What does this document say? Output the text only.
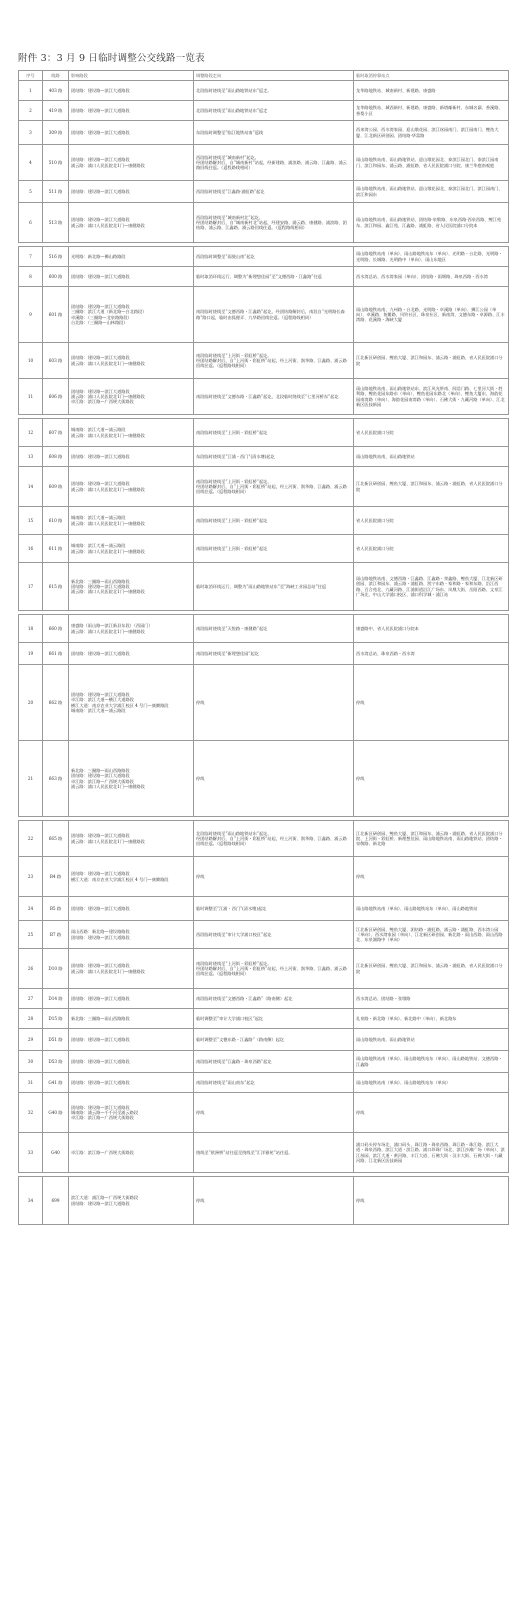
附件 3：3 月 9 日临时调整公交线路一览表
序号	线路	影响路段	调整路段走向	临时取消停靠站点
1	403 路	团结路：建设路—滨江大道路段	北段临时绕线至“雨山路地铁站东”返走。	龙华路地铁站、城南新村、新建路、康盛路
2	419 路	团结路：建设路—滨江大道路段	北段临时绕线至“雨山路地铁站东”返走	龙华路地铁站、城西新村、新建路、康盛路、新塔邮新村、东城名邸、香溪路、香梨小区
3	309 路	团结路：建设路—滨江大道路段	东段临时调整至“临江地铁站南”返线	西来湾公园、西水湾家园、迎山墩花园、滨江丝园南门、滨江园南门、鲤鱼大厦、江北新区研创园、团结路·华富路
4	510 路	团结路：建设路—滨江大道路段
浦云路：浦口人民医院北1门—康健路段	西段临时绕线至“城南新村”起讫。
经团结路解封后，自“城南新村”站起，经新建路、浦滨路、浦云路、江鑫路、浦云路回线往返。（返程路线相同）	雨山路地铁站南、雨山路地铁站、迎山墩花园北、泰滨江园北门、泰滨江园南门、滨江和园东、浦云路、浦虹路、省人民医院浦口分院、康兰华庭南观庭
5	511 路	团结路：建设路—滨江大道路段	西段临时绕线至“江鑫路·浦虹路”起讫	雨山路地铁站南、雨山路地铁站、迎山墩花园北、泰滨江园北门、滨江园南门、滨江和园东
6	513 路	团结路：建设路—滨江大道路段
浦云路：浦口人民医院北1门—康健路段	西段临时绕线至“城南新村北”起讫。
经团结路解封后，自“城南新村北”站起，经建安路、浦云路、康健路、浦滨路、团结路、浦云路、江鑫路、浦云路回线往返。（返程路线相同）	雨山路地铁站南、雨山路地铁站、团结路·泉敬路、东泉西路·西泉西路、鲤江苑东、滨江和园、鑫江苑、江鑫路、浦虹路、省人民医院浦口分院本

7	516 路	光明路：新北路—狮山路路段	西段临时调整至“雨骏山南”起讫	雨山路地铁站南（单向）、雨山路地铁站东（单向）、光明路・台北路、光明路・光明路、长城路、光明路中（单向）、雨山东地区
8	600 路	团结路：建设路—滨江大道路段	临时取消环线运行，调整为“新理想佳园”至“文德西路・江鑫路”往返	西水湾总站、西水湾家园（单向）、团结路・雨堰路、珠泉西路・西水湾
9	601 路	团结路：建设路—滨江大道路段
三圈路：滨江大道（新北路—白北路段）
卓溪路：（三圈路—北泉路路段）
台北路：（三圈路—山林路段）	南段临时绕线至“文德西路・江鑫路”起讫，经团结路解封后，南段自“光明路长森路”路口起，临时由狐狸弄、九华路回线往返。（返程路线相同）	雨山路地铁站南、九州路・台北路、光明路・卓溪路（单向）、狮江公园（单向）、卓溪路、鱼鳖路、风铃社区、珠泉社区、新南湾、文德东路・卓源路、江丰湾路、花溪路・海峡大厦
10	603 路	团结路：建设路—滨江大道路段
浦云路：浦口人民医院北1门—康健路段	南段临时绕线至“上河街・彩虹桥”起讫。
经团结路解封后，自“上河街・彩虹桥”站起，经上河街、润华路、江鑫路、浦云路回线往返。（返程路线相同）	江北新区研创园、鲤鱼大厦、滨江和园东、浦云路・浦虹路、省人民医院浦口分院
11	606 路	团结路：建设路—滨江大道路段
浦云路：浦口人民医院北1门—康健路段
卓江路：滨江路—广西埂大街路段	南段临时绕线至“文德东路・江鑫路”起讫，北段临时绕线至“七里河桥东”起讫	雨山路地铁站南、雨山路地铁站东、滨江风光带南、闻浩门路、七里河大街・胜利路、鲤鱼花园东路东（单向）、鲤鱼花园东路北（单向）、鲤鱼大厦东、海韵花园南湾路（单向）、海韵花园南湾路（单向）、石佛大街・九藏河路（单向）、江北新区医技新园

12	607 路	城南路：滨江大道—浦云路段
浦云路：浦口人民医院北1门—康健路段	南段临时绕线至“上河街・彩虹桥”起讫	省人民医院浦口分院
13	608 路	团结路：建设路—滨江大道路段	东段临时绕线至“江浦・西门”(清水塘)起讫	雨山路地铁站南、雨山路地铁站
14	609 路	团结路：建设路—滨江大道路段
浦云路：浦口人民医院北1门—康健路段	南段临时绕线至“上河街・彩虹桥”起讫。
经团结路解封后，自“上河街・彩虹桥”站起，经上河街、润华路、江鑫路、浦云路回线往返。（返程路线相同）	江北新区研创园、鲤鱼大厦、滨江和园东、浦云路・浦虹路、省人民医院浦口分院
15	610 路	城南路：滨江大道—浦云路段
浦云路：浦口人民医院北1门—康健路段	南段临时绕线至“上河街・彩虹桥”起讫	省人民医院浦口分院
16	611 路	城南路：滨江大道—浦云路段
浦云路：浦口人民医院北1门—康健路段	南段临时绕线至“上河街・彩虹桥”起讫	省人民医院浦口分院
17	615 路	新北路：三圈路—雨山西路路段
团结路：建设路—滨江大道路段
浦云路：浦口人民医院北1门—康健路段	临时取消环线运行，调整为“雨山路地铁站东”至“海峡工业园总站”往返	雨山路地铁站南、文德西路・江鑫路、江鑫路・荣鑫路、鲤鱼大厦、江北新区研创园、滨江和园东、浦云路・浦虹路、凯宁东路・家和路・家和东路、沿江西路、百合苑北、九藏河路、江浦街道沿江广场东、凤凰大街、岳阳西路、文泉江广场北、中山大学浦口校区、浦口科学城・浦江站

18	660 路	康盛路（雨山路—滨江新县东段）（西园门）
浦云路：浦口人民医院北1门—康健路段	南段临时绕线至“天悦路・康健路”起讫	康盛路中、省人民医院浦口分院本
19	661 路	团结路：建设路—滨江大道路段	南段临时绕线至“新理想佳园”起讫	西水湾总站、珠泉西路・西水湾
20	662 路	团结路：建设路—滨江大道路段
卓江路：滨江大道—横江大道路段
横江大道：南京农业大学浦江校区 4 号门—康腾路段
城南路：滨江大道—浦云路段	停线	停线
21	663 路	新北路：三圈路—雨山西路路段
团结路：建设路—滨江大道路段
卓江路：滨江路—广西埂大街路段
浦云路：浦口人民医院北1门—康健路段	停线	停线

22	665 路	团结路：建设路—滨江大道路段
浦云路：浦口人民医院北1门—康健路段	北段临时绕线至“雨山路地铁站东”起讫。
经团结路解封后，自“上河街・彩虹桥”站起，经上河街、润华路、江鑫路、浦云路回线往返。（返程路线相同）	江北新区研创园、鲤鱼大厦、滨江和园东、浦云路・浦虹路、省人民医院浦口分院、上河街・彩虹桥、新理想佳园、雨山路地铁站南、雨山路地铁站、团结路・泉敬路、新北路
23	B4 路	团结路：建设路—滨江大道路段
横江大道：南京农业大学浦江校区 4 号门—康腾路段	停线	停线
24	B5 路	团结路：建设路—滨江大道路段	临时调整至“江浦・西门”(清水塘)起讫	雨山路地铁站南（单向）、雨山路地铁站东（单向）、雨山路地铁站
25	B7 路	雨山西路：新北路—建设路路段
团结路：建设路—滨江大道路段	西段临时绕线至“审计大学浦口校区”起讫	江北新区研创园、鲤鱼大厦、团结路・浦虹路、浦云路・浦虹路、西水湾公园（单向）、西水湾家园（单向）、江北新区研创园、新北路・雨山西路、雨山西路北、东泉湖路中（单向）
26	D10 路	团结路：建设路—滨江大道路段
浦云路：浦口人民医院北1门—康健路段	南段临时绕线至“上河街・彩虹桥”起讫。
经团结路解封后，自“上河街・彩虹桥”站起，经上河街、润华路、江鑫路、浦云路回线往返。（返程路线相同）	江北新区研创园、鲤鱼大厦、滨江和园东、浦云路・浦虹路、省人民医院浦口分院
27	D14 路	团结路：建设路—滨江大道路段	南段临时绕线至“文德西路・江鑫路”（路南侧）起讫	西水湾总站、团结路・张墩路
28	D15 路	新北路：三圈路—雨山西路路段	临时调整至“审计大学浦口校区”起讫	礼泉路・新北路（单向）、新北路中（单向）、新北路东
29	D51 路	团结路：建设路—滨江大道路段	临时调整至“文德东路・江鑫路”（路南侧）起讫	雨山路地铁站南、雨山路地铁站
30	D53 路	团结路：建设路—滨江大道路段	南段临时绕线至“江鑫路・珠泉西路”起讫	雨山路地铁站南（单向）、雨山路地铁站东（单向）、雨山路地铁站、文德西路・江鑫路
31	G41 路	团结路：建设路—滨江大道路段	南段临时绕线至“雨山南东”起讫	雨山路地铁站南（单向）、雨山路地铁站东（单向）
32	G40 路	团结路：建设路—滨江大道路段
城南路：浦云路—千千河至浦云路段
卓江路：滨江路—广西埂大街路段	停线	停线
33	G40	卓江路：滨江路—广西埂大街路段	绕线至“欧洲桥”站往返至绕线至“汇洋雅苑”站往返。	浦口码头停车场北、浦口码头、珠江路・珠泉西路、珠江路・珠江路、滨江大道・珠泉西路、滨江大道・滨江路、浦口珍珠广场北、滨江沙滩广场（单向）、滨江丝园、滨江大道・黄河路、丰江大道、石佛大街・汉丰大街、石佛大街・九藏河路、江北新区医技新园

34	699	滨江大道：浦江路—广西埂大街路段
团结路：建设路—滨江大道路段	停线	停线
